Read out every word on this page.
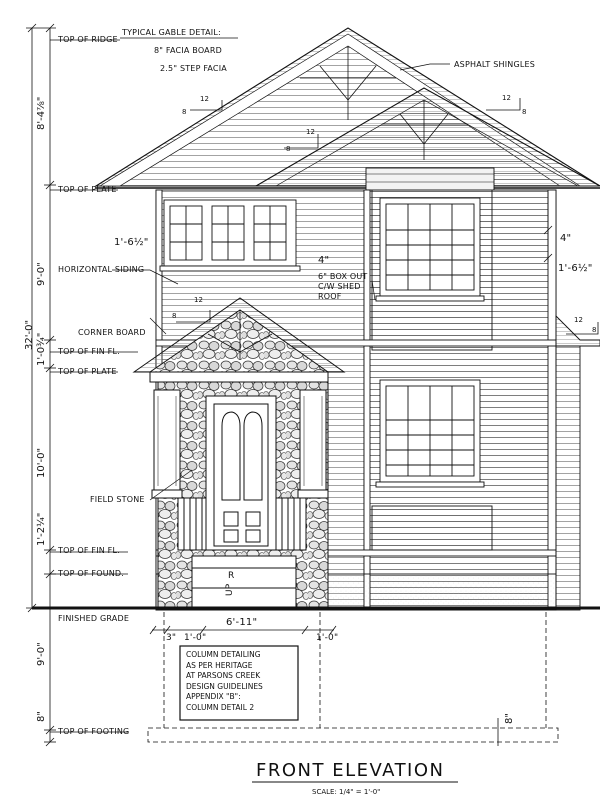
TOP OF RIDGE
TOP OF PLATE
HORIZONTAL SIDING
CORNER BOARD
TOP OF FIN FL.
TOP OF PLATE
FIELD STONE
TOP OF FIN FL.
TOP OF FOUND.
FINISHED GRADE
TOP OF FOOTING
TYPICAL GABLE DETAIL:
8" FACIA BOARD
2.5" STEP FACIA	ASPHALT SHINGLES
6" BOX OUT
C/W SHED
ROOF
32'-0"
8'-4⅞"
9'-0"
1'-0¾"
10'-0"
1'-2¼"
9'-0"
8"	8"
1'-6½"
1'-6½"
4"
4"
6'-11"
3" 1'-0"	1'-0"
12
8
12
8
12
8
12
8	12
8
UP
R
COLUMN DETAILING
AS PER HERITAGE
AT PARSONS CREEK
DESIGN GUIDELINES
APPENDIX "B":
COLUMN DETAIL 2
FRONT ELEVATION
SCALE: 1/4" = 1'-0"
